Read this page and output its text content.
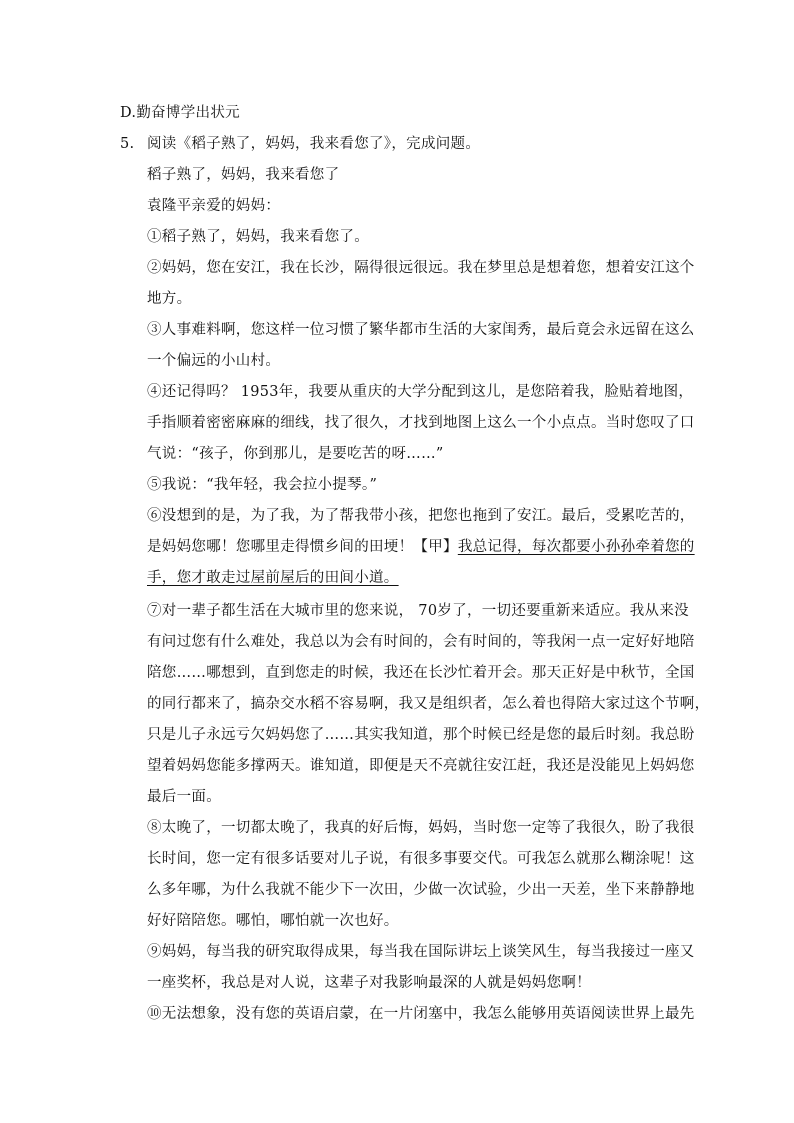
D.勤奋博学出状元
5. 阅读《稻子熟了，妈妈，我来看您了》，完成问题。
稻子熟了，妈妈，我来看您了
袁隆平亲爱的妈妈：
①稻子熟了，妈妈，我来看您了。
②妈妈，您在安江，我在长沙，隔得很远很远。我在梦里总是想着您，想着安江这个
地方。
③人事难料啊，您这样一位习惯了繁华都市生活的大家闺秀，最后竟会永远留在这么
一个偏远的小山村。
④还记得吗？ 1953年，我要从重庆的大学分配到这儿，是您陪着我，脸贴着地图，
手指顺着密密麻麻的细线，找了很久，才找到地图上这么一个小点点。当时您叹了口
气说：“孩子，你到那儿，是要吃苦的呀……”
⑤我说：“我年轻，我会拉小提琴。”
⑥没想到的是，为了我，为了帮我带小孩，把您也拖到了安江。最后，受累吃苦的，
是妈妈您哪！您哪里走得惯乡间的田埂！【甲】我总记得，每次都要小孙孙牵着您的
手，您才敢走过屋前屋后的田间小道。
⑦对一辈子都生活在大城市里的您来说， 70岁了，一切还要重新来适应。我从来没
有问过您有什么难处，我总以为会有时间的，会有时间的，等我闲一点一定好好地陪
陪您……哪想到，直到您走的时候，我还在长沙忙着开会。那天正好是中秋节，全国
的同行都来了，搞杂交水稻不容易啊，我又是组织者，怎么着也得陪大家过这个节啊，
只是儿子永远亏欠妈妈您了……其实我知道，那个时候已经是您的最后时刻。我总盼
望着妈妈您能多撑两天。谁知道，即便是天不亮就往安江赶，我还是没能见上妈妈您
最后一面。
⑧太晚了，一切都太晚了，我真的好后悔，妈妈，当时您一定等了我很久，盼了我很
长时间，您一定有很多话要对儿子说，有很多事要交代。可我怎么就那么糊涂呢！这
么多年哪，为什么我就不能少下一次田，少做一次试验，少出一天差，坐下来静静地
好好陪陪您。哪怕，哪怕就一次也好。
⑨妈妈，每当我的研究取得成果，每当我在国际讲坛上谈笑风生，每当我接过一座又
一座奖杯，我总是对人说，这辈子对我影响最深的人就是妈妈您啊！
⑩无法想象，没有您的英语启蒙，在一片闭塞中，我怎么能够用英语阅读世界上最先
